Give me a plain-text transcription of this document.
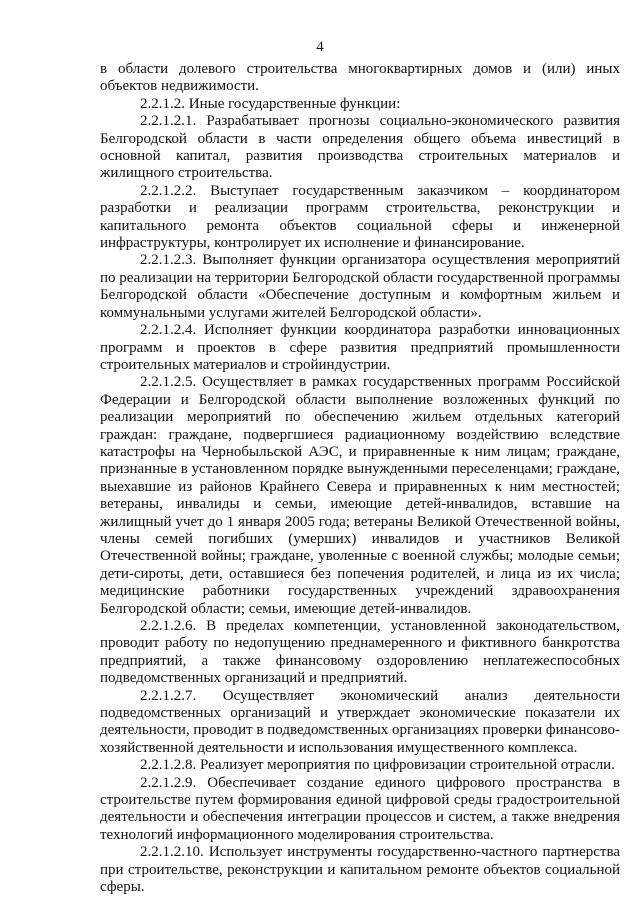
4

в области долевого строительства многоквартирных домов и (или) иных объектов недвижимости.

2.2.1.2. Иные государственные функции:

2.2.1.2.1. Разрабатывает прогнозы социально-экономического развития Белгородской области в части определения общего объема инвестиций в основной капитал, развития производства строительных материалов и жилищного строительства.

2.2.1.2.2. Выступает государственным заказчиком – координатором разработки и реализации программ строительства, реконструкции и капитального ремонта объектов социальной сферы и инженерной инфраструктуры, контролирует их исполнение и финансирование.

2.2.1.2.3. Выполняет функции организатора осуществления мероприятий по реализации на территории Белгородской области государственной программы Белгородской области «Обеспечение доступным и комфортным жильем и коммунальными услугами жителей Белгородской области».

2.2.1.2.4. Исполняет функции координатора разработки инновационных программ и проектов в сфере развития предприятий промышленности строительных материалов и стройиндустрии.

2.2.1.2.5. Осуществляет в рамках государственных программ Российской Федерации и Белгородской области выполнение возложенных функций по реализации мероприятий по обеспечению жильем отдельных категорий граждан: граждане, подвергшиеся радиационному воздействию вследствие катастрофы на Чернобыльской АЭС, и приравненные к ним лицам; граждане, признанные в установленном порядке вынужденными переселенцами; граждане, выехавшие из районов Крайнего Севера и приравненных к ним местностей; ветераны, инвалиды и семьи, имеющие детей-инвалидов, вставшие на жилищный учет до 1 января 2005 года; ветераны Великой Отечественной войны, члены семей погибших (умерших) инвалидов и участников Великой Отечественной войны; граждане, уволенные с военной службы; молодые семьи; дети-сироты, дети, оставшиеся без попечения родителей, и лица из их числа; медицинские работники государственных учреждений здравоохранения Белгородской области; семьи, имеющие детей-инвалидов.

2.2.1.2.6. В пределах компетенции, установленной законодательством, проводит работу по недопущению преднамеренного и фиктивного банкротства предприятий, а также финансовому оздоровлению неплатежеспособных подведомственных организаций и предприятий.

2.2.1.2.7. Осуществляет экономический анализ деятельности подведомственных организаций и утверждает экономические показатели их деятельности, проводит в подведомственных организациях проверки финансово-хозяйственной деятельности и использования имущественного комплекса.

2.2.1.2.8. Реализует мероприятия по цифровизации строительной отрасли.

2.2.1.2.9. Обеспечивает создание единого цифрового пространства в строительстве путем формирования единой цифровой среды градостроительной деятельности и обеспечения интеграции процессов и систем, а также внедрения технологий информационного моделирования строительства.

2.2.1.2.10. Использует инструменты государственно-частного партнерства при строительстве, реконструкции и капитальном ремонте объектов социальной сферы.
